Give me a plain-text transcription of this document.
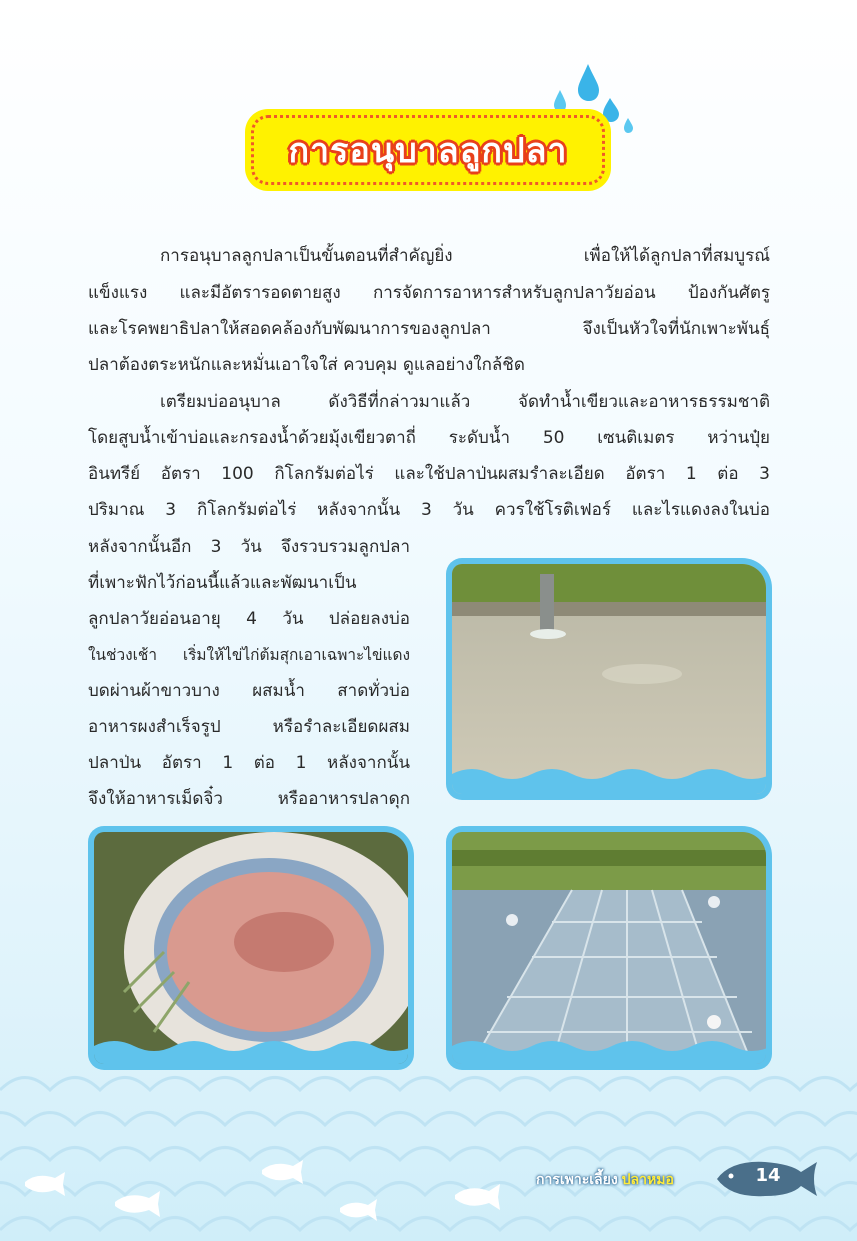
การอนุบาลลูกปลา

การอนุบาลลูกปลาเป็นขั้นตอนที่สำคัญยิ่ง เพื่อให้ได้ลูกปลาที่สมบูรณ์

แข็งแรง และมีอัตรารอดตายสูง การจัดการอาหารสำหรับลูกปลาวัยอ่อน ป้องกันศัตรู

และโรคพยาธิปลาให้สอดคล้องกับพัฒนาการของลูกปลา จึงเป็นหัวใจที่นักเพาะพันธุ์

ปลาต้องตระหนักและหมั่นเอาใจใส่ ควบคุม ดูแลอย่างใกล้ชิด

เตรียมบ่ออนุบาล ดังวิธีที่กล่าวมาแล้ว จัดทำน้ำเขียวและอาหารธรรมชาติ

โดยสูบน้ำเข้าบ่อและกรองน้ำด้วยมุ้งเขียวตาถี่ ระดับน้ำ 50 เซนติเมตร หว่านปุ๋ย

อินทรีย์ อัตรา 100 กิโลกรัมต่อไร่ และใช้ปลาป่นผสมรำละเอียด อัตรา 1 ต่อ 3

ปริมาณ 3 กิโลกรัมต่อไร่ หลังจากนั้น 3 วัน ควรใช้โรติเฟอร์ และไรแดงลงในบ่อ

หลังจากนั้นอีก 3 วัน จึงรวบรวมลูกปลา

ที่เพาะฟักไว้ก่อนนี้แล้วและพัฒนาเป็น

ลูกปลาวัยอ่อนอายุ 4 วัน ปล่อยลงบ่อ

ในช่วงเช้า เริ่มให้ไข่ไก่ต้มสุกเอาเฉพาะไข่แดง

บดผ่านผ้าขาวบาง ผสมน้ำ สาดทั่วบ่อ

อาหารผงสำเร็จรูป หรือรำละเอียดผสม

ปลาป่น อัตรา 1 ต่อ 1 หลังจากนั้น

จึงให้อาหารเม็ดจิ๋ว หรืออาหารปลาดุก

การเพาะเลี้ยง ปลาหมอ	14
